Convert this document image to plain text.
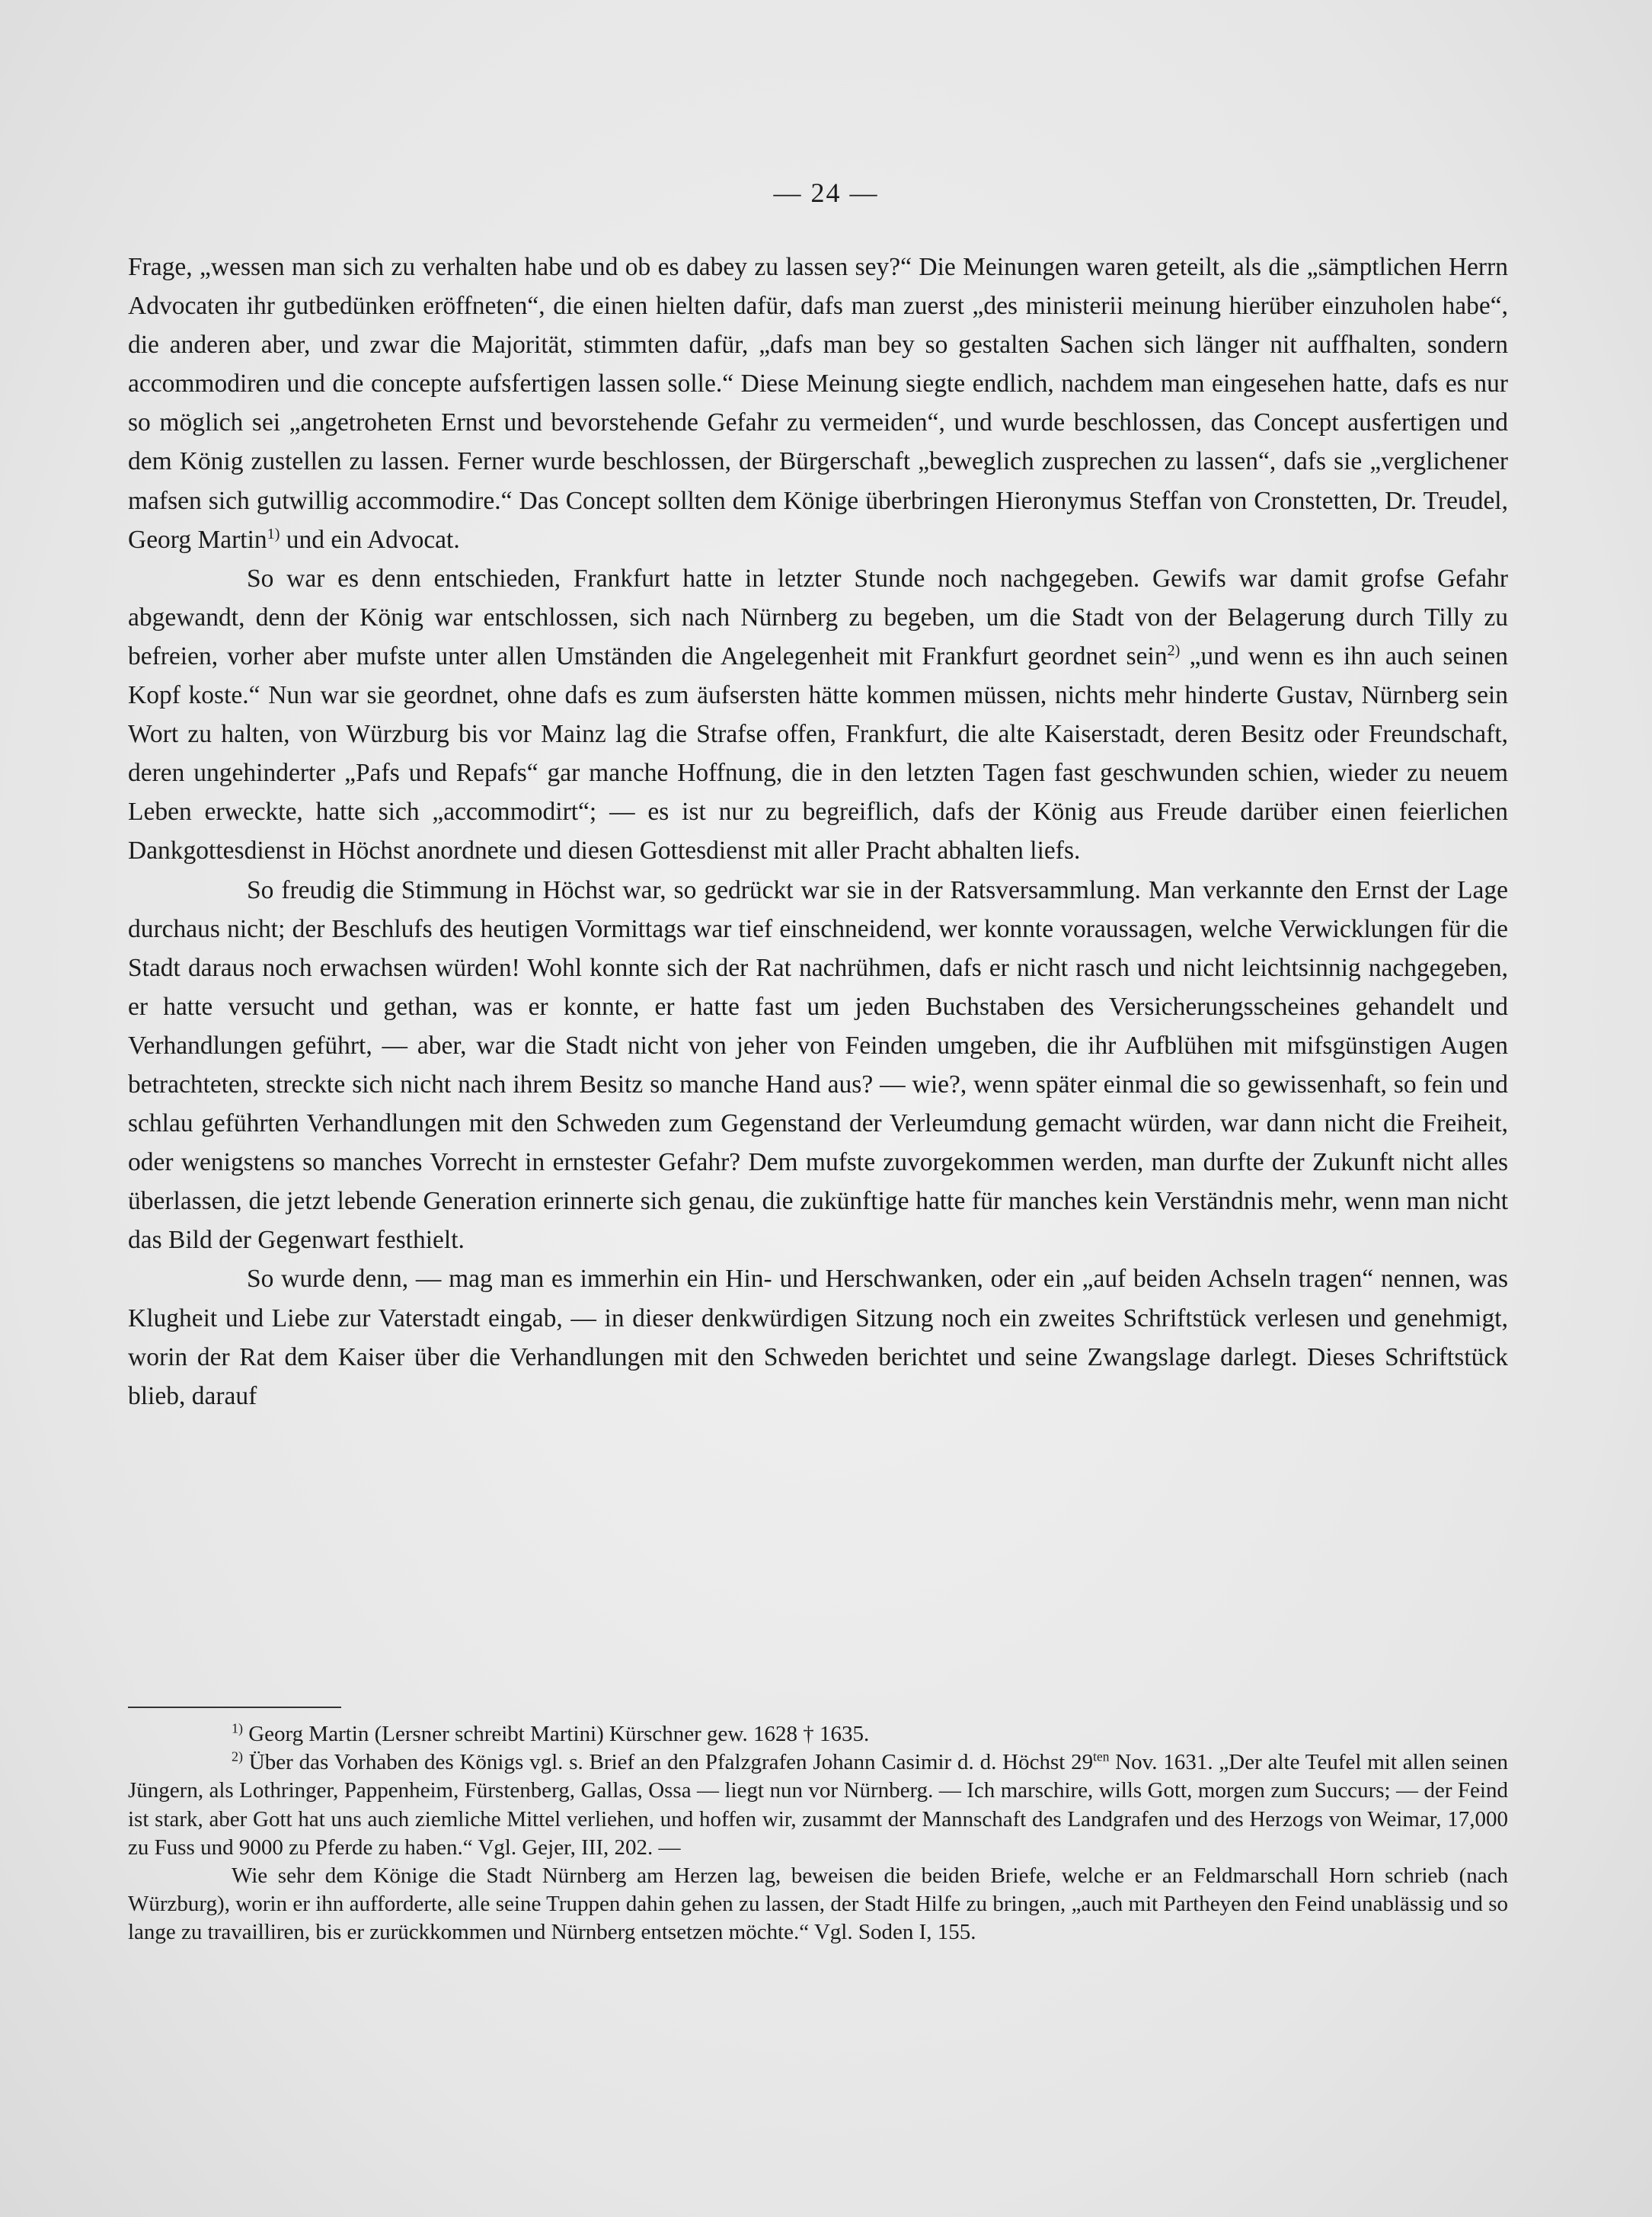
— 24 —

Frage, „wessen man sich zu verhalten habe und ob es dabey zu lassen sey?“ Die Meinungen waren geteilt, als die „sämptlichen Herrn Advocaten ihr gutbedünken eröffneten“, die einen hielten dafür, dafs man zuerst „des ministerii meinung hierüber einzuholen habe“, die anderen aber, und zwar die Majorität, stimmten dafür, „dafs man bey so gestalten Sachen sich länger nit auffhalten, sondern accommodiren und die concepte aufsfertigen lassen solle.“ Diese Meinung siegte endlich, nachdem man eingesehen hatte, dafs es nur so möglich sei „angetroheten Ernst und bevorstehende Gefahr zu vermeiden“, und wurde beschlossen, das Concept ausfertigen und dem König zustellen zu lassen. Ferner wurde beschlossen, der Bürgerschaft „beweglich zusprechen zu lassen“, dafs sie „verglichener mafsen sich gutwillig accommodire.“ Das Concept sollten dem Könige überbringen Hieronymus Steffan von Cronstetten, Dr. Treudel, Georg Martin$^{1)}$ und ein Advocat.

So war es denn entschieden, Frankfurt hatte in letzter Stunde noch nachgegeben. Gewifs war damit grofse Gefahr abgewandt, denn der König war entschlossen, sich nach Nürnberg zu begeben, um die Stadt von der Belagerung durch Tilly zu befreien, vorher aber mufste unter allen Umständen die Angelegenheit mit Frankfurt geordnet sein$^{2)}$ „und wenn es ihn auch seinen Kopf koste.“ Nun war sie geordnet, ohne dafs es zum äufsersten hätte kommen müssen, nichts mehr hinderte Gustav, Nürnberg sein Wort zu halten, von Würzburg bis vor Mainz lag die Strafse offen, Frankfurt, die alte Kaiserstadt, deren Besitz oder Freundschaft, deren ungehinderter „Pafs und Repafs“ gar manche Hoffnung, die in den letzten Tagen fast geschwunden schien, wieder zu neuem Leben erweckte, hatte sich „accommodirt“; — es ist nur zu begreiflich, dafs der König aus Freude darüber einen feierlichen Dankgottesdienst in Höchst anordnete und diesen Gottesdienst mit aller Pracht abhalten liefs.

So freudig die Stimmung in Höchst war, so gedrückt war sie in der Ratsversammlung. Man verkannte den Ernst der Lage durchaus nicht; der Beschlufs des heutigen Vormittags war tief einschneidend, wer konnte voraussagen, welche Verwicklungen für die Stadt daraus noch erwachsen würden! Wohl konnte sich der Rat nachrühmen, dafs er nicht rasch und nicht leichtsinnig nachgegeben, er hatte versucht und gethan, was er konnte, er hatte fast um jeden Buchstaben des Versicherungsscheines gehandelt und Verhandlungen geführt, — aber, war die Stadt nicht von jeher von Feinden umgeben, die ihr Aufblühen mit mifsgünstigen Augen betrachteten, streckte sich nicht nach ihrem Besitz so manche Hand aus? — wie?, wenn später einmal die so gewissenhaft, so fein und schlau geführten Verhandlungen mit den Schweden zum Gegenstand der Verleumdung gemacht würden, war dann nicht die Freiheit, oder wenigstens so manches Vorrecht in ernstester Gefahr? Dem mufste zuvorgekommen werden, man durfte der Zukunft nicht alles überlassen, die jetzt lebende Generation erinnerte sich genau, die zukünftige hatte für manches kein Verständnis mehr, wenn man nicht das Bild der Gegenwart festhielt.

So wurde denn, — mag man es immerhin ein Hin- und Herschwanken, oder ein „auf beiden Achseln tragen“ nennen, was Klugheit und Liebe zur Vaterstadt eingab, — in dieser denkwürdigen Sitzung noch ein zweites Schriftstück verlesen und genehmigt, worin der Rat dem Kaiser über die Verhandlungen mit den Schweden berichtet und seine Zwangslage darlegt. Dieses Schriftstück blieb, darauf

$^{1)}$ Georg Martin (Lersner schreibt Martini) Kürschner gew. 1628 † 1635.

$^{2)}$ Über das Vorhaben des Königs vgl. s. Brief an den Pfalzgrafen Johann Casimir d. d. Höchst $29^{ten}$ Nov. 1631. „Der alte Teufel mit allen seinen Jüngern, als Lothringer, Pappenheim, Fürstenberg, Gallas, Ossa — liegt nun vor Nürnberg. — Ich marschire, wills Gott, morgen zum Succurs; — der Feind ist stark, aber Gott hat uns auch ziemliche Mittel verliehen, und hoffen wir, zusammt der Mannschaft des Landgrafen und des Herzogs von Weimar, 17,000 zu Fuss und 9000 zu Pferde zu haben.“ Vgl. Gejer, III, 202. —

Wie sehr dem Könige die Stadt Nürnberg am Herzen lag, beweisen die beiden Briefe, welche er an Feldmarschall Horn schrieb (nach Würzburg), worin er ihn aufforderte, alle seine Truppen dahin gehen zu lassen, der Stadt Hilfe zu bringen, „auch mit Partheyen den Feind unablässig und so lange zu travailliren, bis er zurückkommen und Nürnberg entsetzen möchte.“ Vgl. Soden I, 155.
